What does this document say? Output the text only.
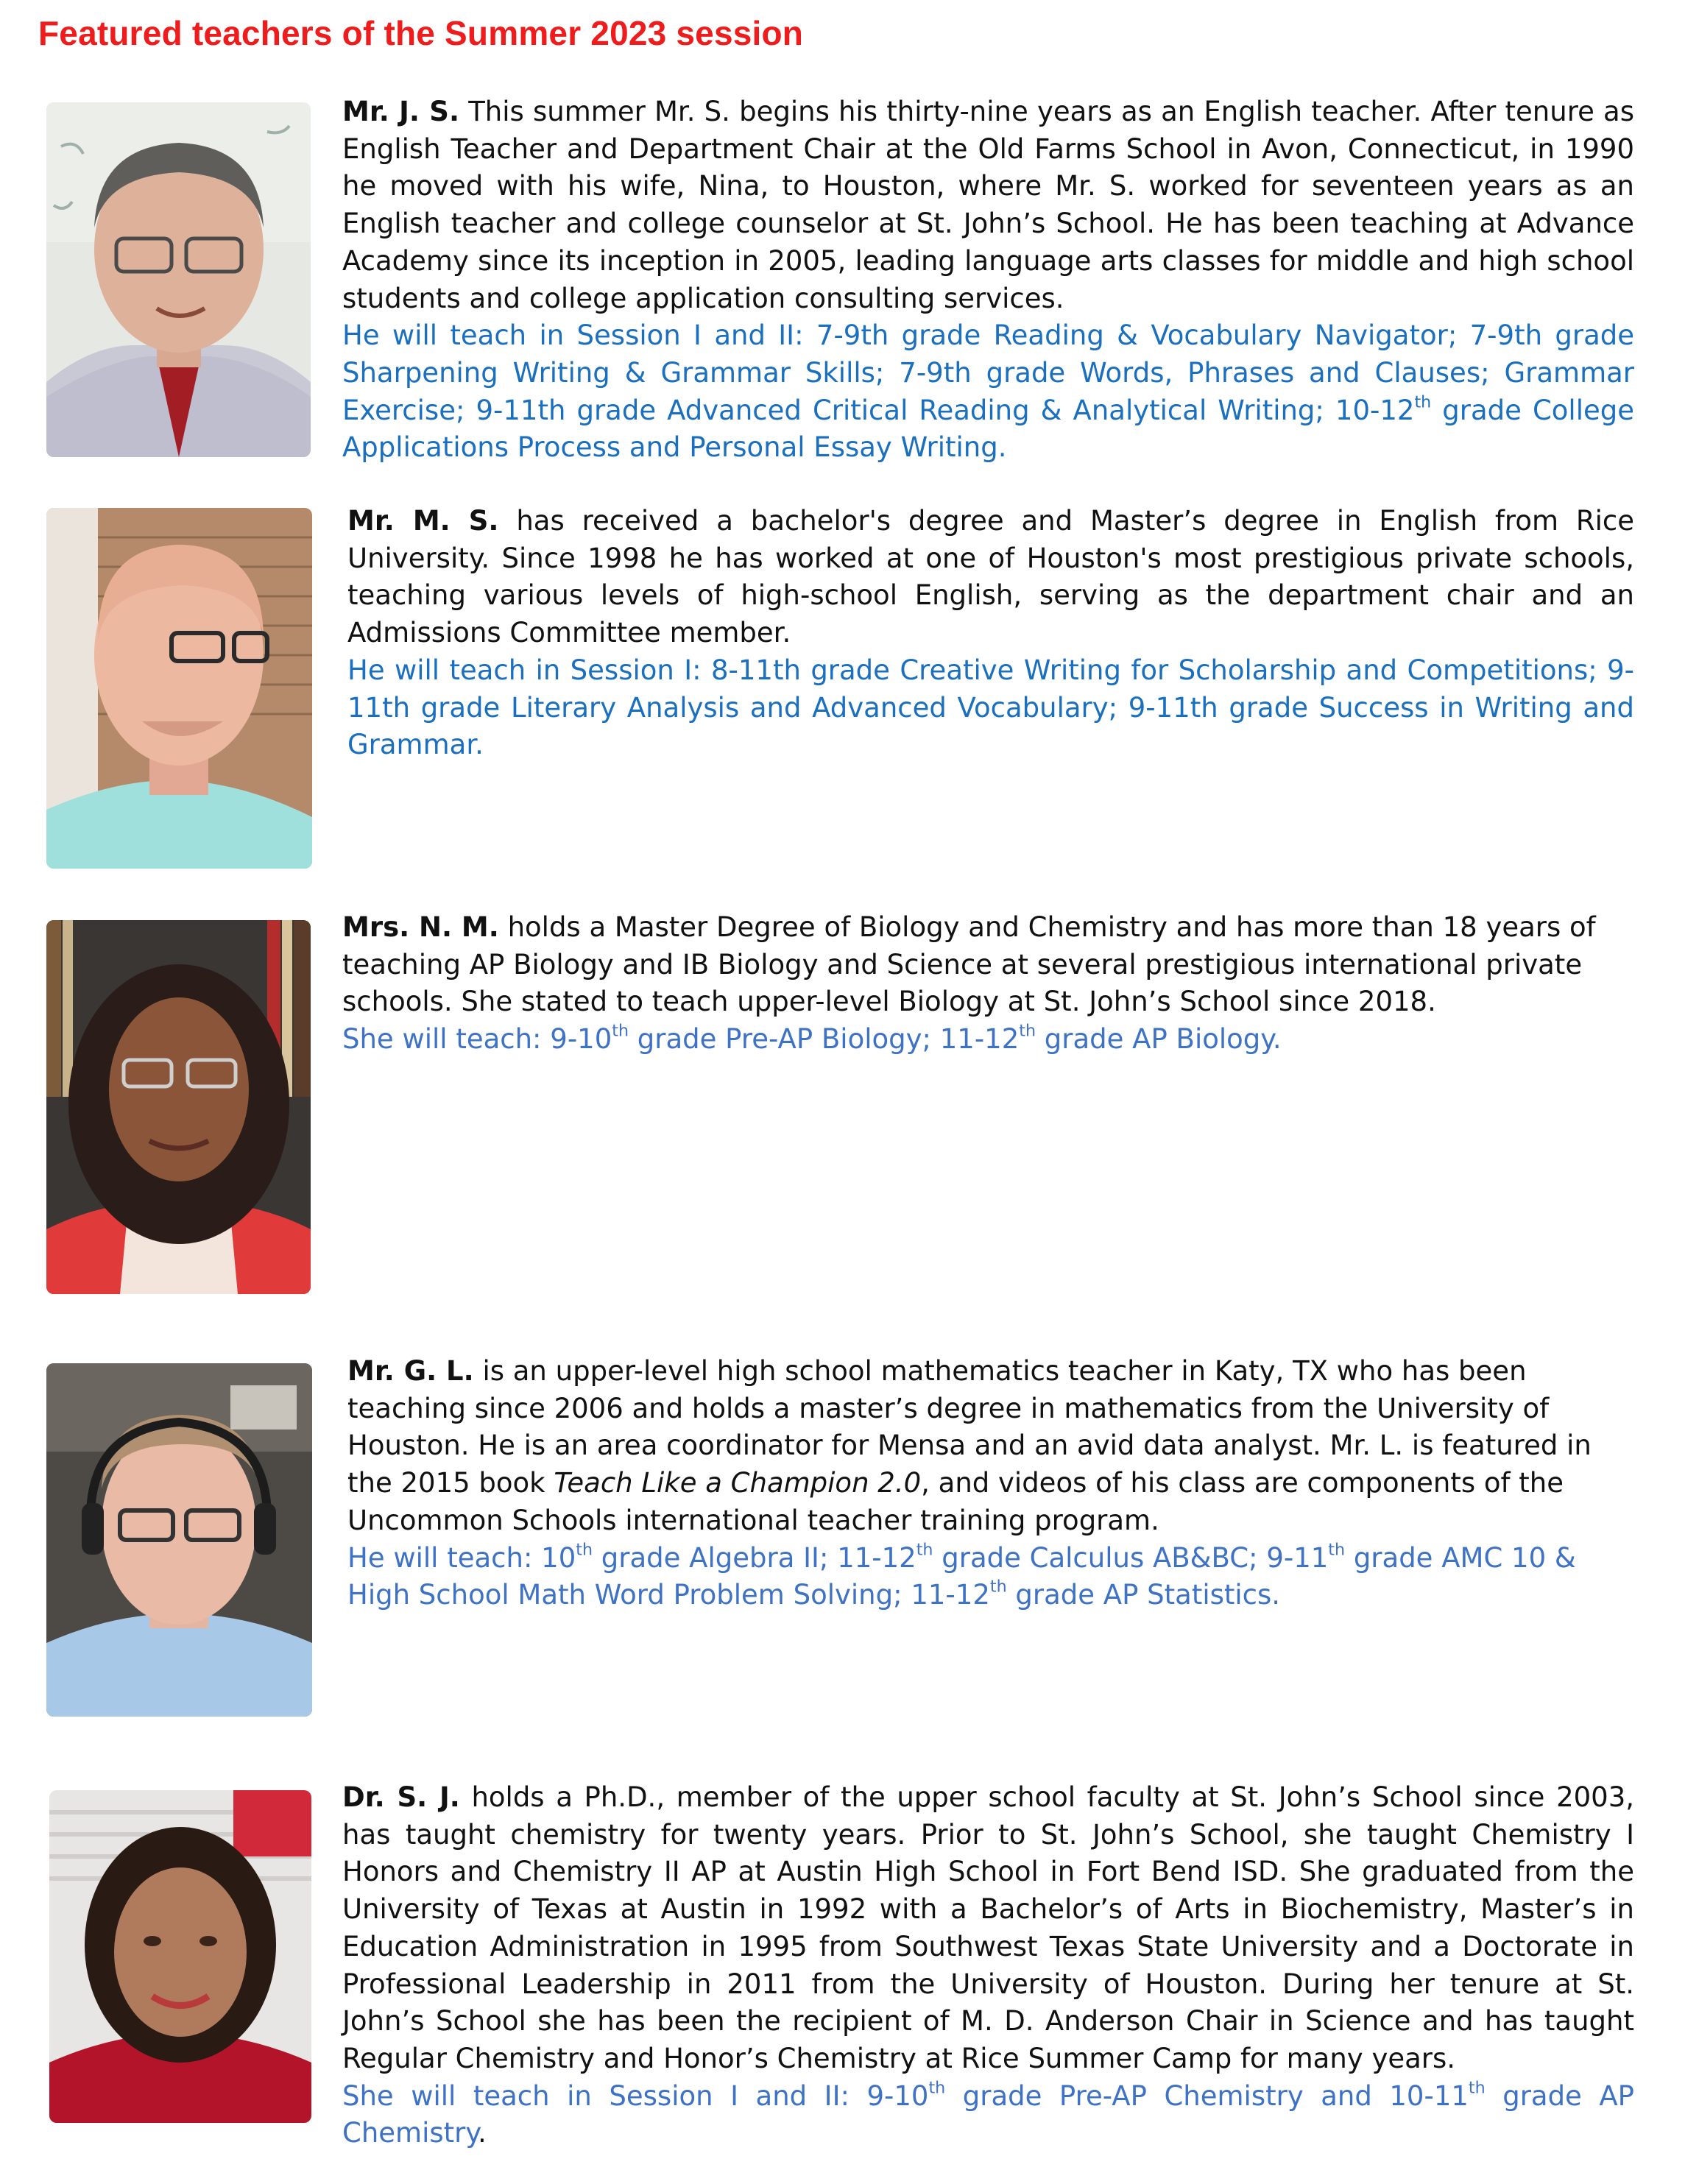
Featured teachers of the Summer 2023 session
Mr. J. S. This summer Mr. S. begins his thirty-nine years as an English teacher. After tenure as English Teacher and Department Chair at the Old Farms School in Avon, Connecticut, in 1990 he moved with his wife, Nina, to Houston, where Mr. S. worked for seventeen years as an English teacher and college counselor at St. John’s School. He has been teaching at Advance Academy since its inception in 2005, leading language arts classes for middle and high school students and college application consulting services.
He will teach in Session I and II: 7-9th grade Reading & Vocabulary Navigator; 7-9th grade Sharpening Writing & Grammar Skills; 7-9th grade Words, Phrases and Clauses; Grammar Exercise; 9-11th grade Advanced Critical Reading & Analytical Writing; 10-12th grade College Applications Process and Personal Essay Writing.
Mr. M. S. has received a bachelor's degree and Master’s degree in English from Rice University. Since 1998 he has worked at one of Houston's most prestigious private schools, teaching various levels of high-school English, serving as the department chair and an Admissions Committee member.
He will teach in Session I: 8-11th grade Creative Writing for Scholarship and Competitions; 9-11th grade Literary Analysis and Advanced Vocabulary; 9-11th grade Success in Writing and Grammar.
Mrs. N. M. holds a Master Degree of Biology and Chemistry and has more than 18 years of teaching AP Biology and IB Biology and Science at several prestigious international private schools. She stated to teach upper-level Biology at St. John’s School since 2018.
She will teach: 9-10th grade Pre-AP Biology; 11-12th grade AP Biology.
Mr. G. L. is an upper-level high school mathematics teacher in Katy, TX who has been teaching since 2006 and holds a master’s degree in mathematics from the University of Houston. He is an area coordinator for Mensa and an avid data analyst. Mr. L. is featured in the 2015 book Teach Like a Champion 2.0, and videos of his class are components of the Uncommon Schools international teacher training program.
He will teach: 10th grade Algebra II; 11-12th grade Calculus AB&BC; 9-11th grade AMC 10 & High School Math Word Problem Solving; 11-12th grade AP Statistics.
Dr. S. J. holds a Ph.D., member of the upper school faculty at St. John’s School since 2003, has taught chemistry for twenty years. Prior to St. John’s School, she taught Chemistry I Honors and Chemistry II AP at Austin High School in Fort Bend ISD. She graduated from the University of Texas at Austin in 1992 with a Bachelor’s of Arts in Biochemistry, Master’s in Education Administration in 1995 from Southwest Texas State University and a Doctorate in Professional Leadership in 2011 from the University of Houston. During her tenure at St. John’s School she has been the recipient of M. D. Anderson Chair in Science and has taught Regular Chemistry and Honor’s Chemistry at Rice Summer Camp for many years.
She will teach in Session I and II: 9-10th grade Pre-AP Chemistry and 10-11th grade AP Chemistry.
